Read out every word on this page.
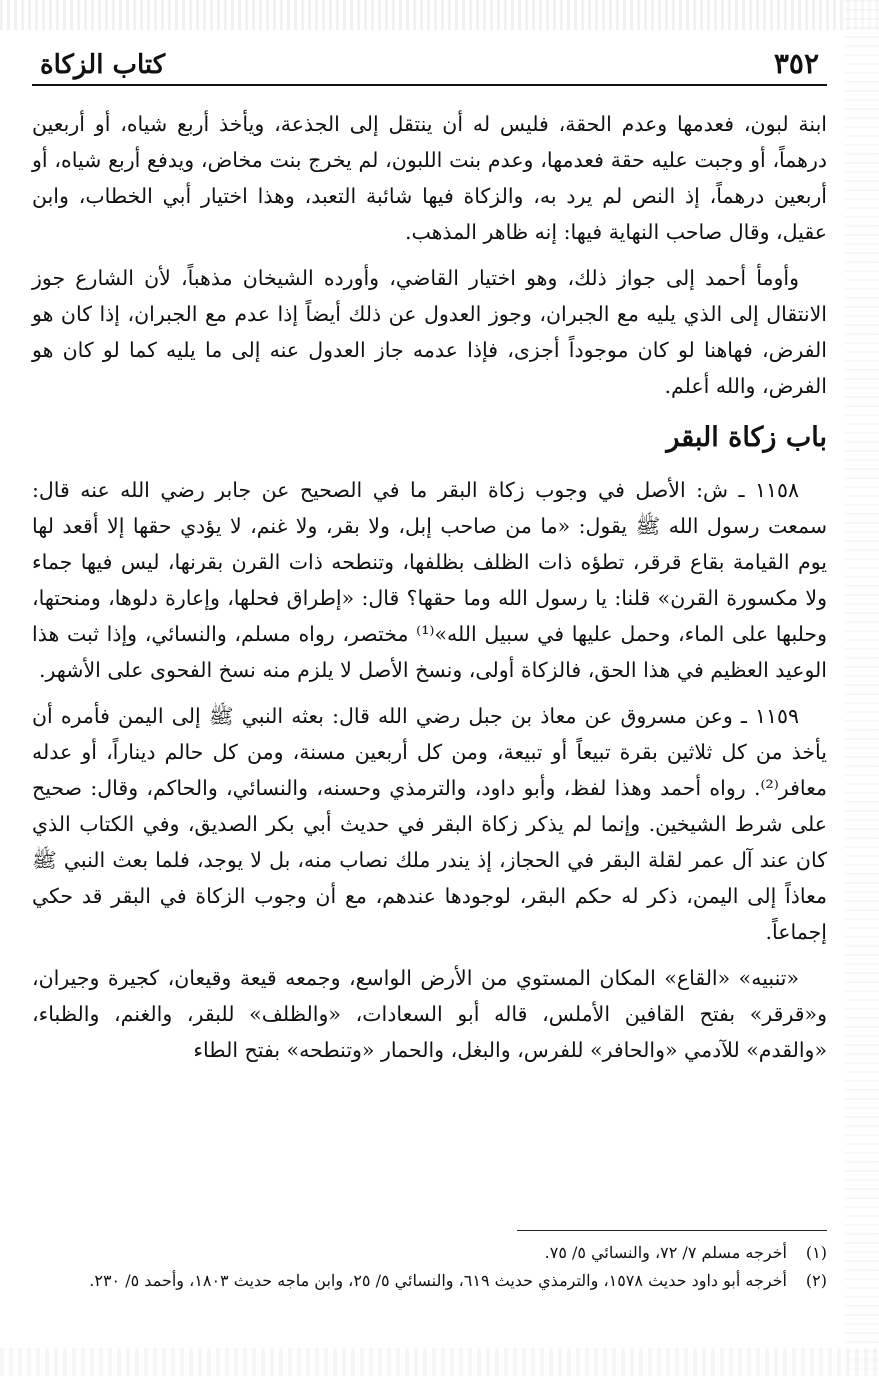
٣٥٢
كتاب الزكاة

ابنة لبون، فعدمها وعدم الحقة، فليس له أن ينتقل إلى الجذعة، ويأخذ أربع شياه، أو أربعين درهماً، أو وجبت عليه حقة فعدمها، وعدم بنت اللبون، لم يخرج بنت مخاض، ويدفع أربع شياه، أو أربعين درهماً، إذ النص لم يرد به، والزكاة فيها شائبة التعبد، وهذا اختيار أبي الخطاب، وابن عقيل، وقال صاحب النهاية فيها: إنه ظاهر المذهب.

وأومأ أحمد إلى جواز ذلك، وهو اختيار القاضي، وأورده الشيخان مذهباً، لأن الشارع جوز الانتقال إلى الذي يليه مع الجبران، وجوز العدول عن ذلك أيضاً إذا عدم مع الجبران، إذا كان هو الفرض، فهاهنا لو كان موجوداً أجزى، فإذا عدمه جاز العدول عنه إلى ما يليه كما لو كان هو الفرض، والله أعلم.

باب زكاة البقر

١١٥٨ ـ ش: الأصل في وجوب زكاة البقر ما في الصحيح عن جابر رضي الله عنه قال: سمعت رسول الله ﷺ يقول: «ما من صاحب إبل، ولا بقر، ولا غنم، لا يؤدي حقها إلا أقعد لها يوم القيامة بقاع قرقر، تطؤه ذات الظلف بظلفها، وتنطحه ذات القرن بقرنها، ليس فيها جماء ولا مكسورة القرن» قلنا: يا رسول الله وما حقها؟ قال: «إطراق فحلها، وإعارة دلوها، ومنحتها، وحلبها على الماء، وحمل عليها في سبيل الله»⁽¹⁾ مختصر، رواه مسلم، والنسائي، وإذا ثبت هذا الوعيد العظيم في هذا الحق، فالزكاة أولى، ونسخ الأصل لا يلزم منه نسخ الفحوى على الأشهر.

١١٥٩ ـ وعن مسروق عن معاذ بن جبل رضي الله قال: بعثه النبي ﷺ إلى اليمن فأمره أن يأخذ من كل ثلاثين بقرة تبيعاً أو تبيعة، ومن كل أربعين مسنة، ومن كل حالم ديناراً، أو عدله معافر⁽²⁾. رواه أحمد وهذا لفظ، وأبو داود، والترمذي وحسنه، والنسائي، والحاكم، وقال: صحيح على شرط الشيخين. وإنما لم يذكر زكاة البقر في حديث أبي بكر الصديق، وفي الكتاب الذي كان عند آل عمر لقلة البقر في الحجاز، إذ يندر ملك نصاب منه، بل لا يوجد، فلما بعث النبي ﷺ معاذاً إلى اليمن، ذكر له حكم البقر، لوجودها عندهم، مع أن وجوب الزكاة في البقر قد حكي إجماعاً.

«تنبيه» «القاع» المكان المستوي من الأرض الواسع، وجمعه قيعة وقيعان، كجيرة وجيران، و«قرقر» بفتح القافين الأملس، قاله أبو السعادات، «والظلف» للبقر، والغنم، والظباء، «والقدم» للآدمي «والحافر» للفرس، والبغل، والحمار «وتنطحه» بفتح الطاء

(١)
أخرجه مسلم ٧/ ٧٢، والنسائي ٥/ ٧٥.
(٢)
أخرجه أبو داود حديث ١٥٧٨، والترمذي حديث ٦١٩، والنسائي ٥/ ٢٥، وابن ماجه حديث ١٨٠٣، وأحمد ٥/ ٢٣٠.
